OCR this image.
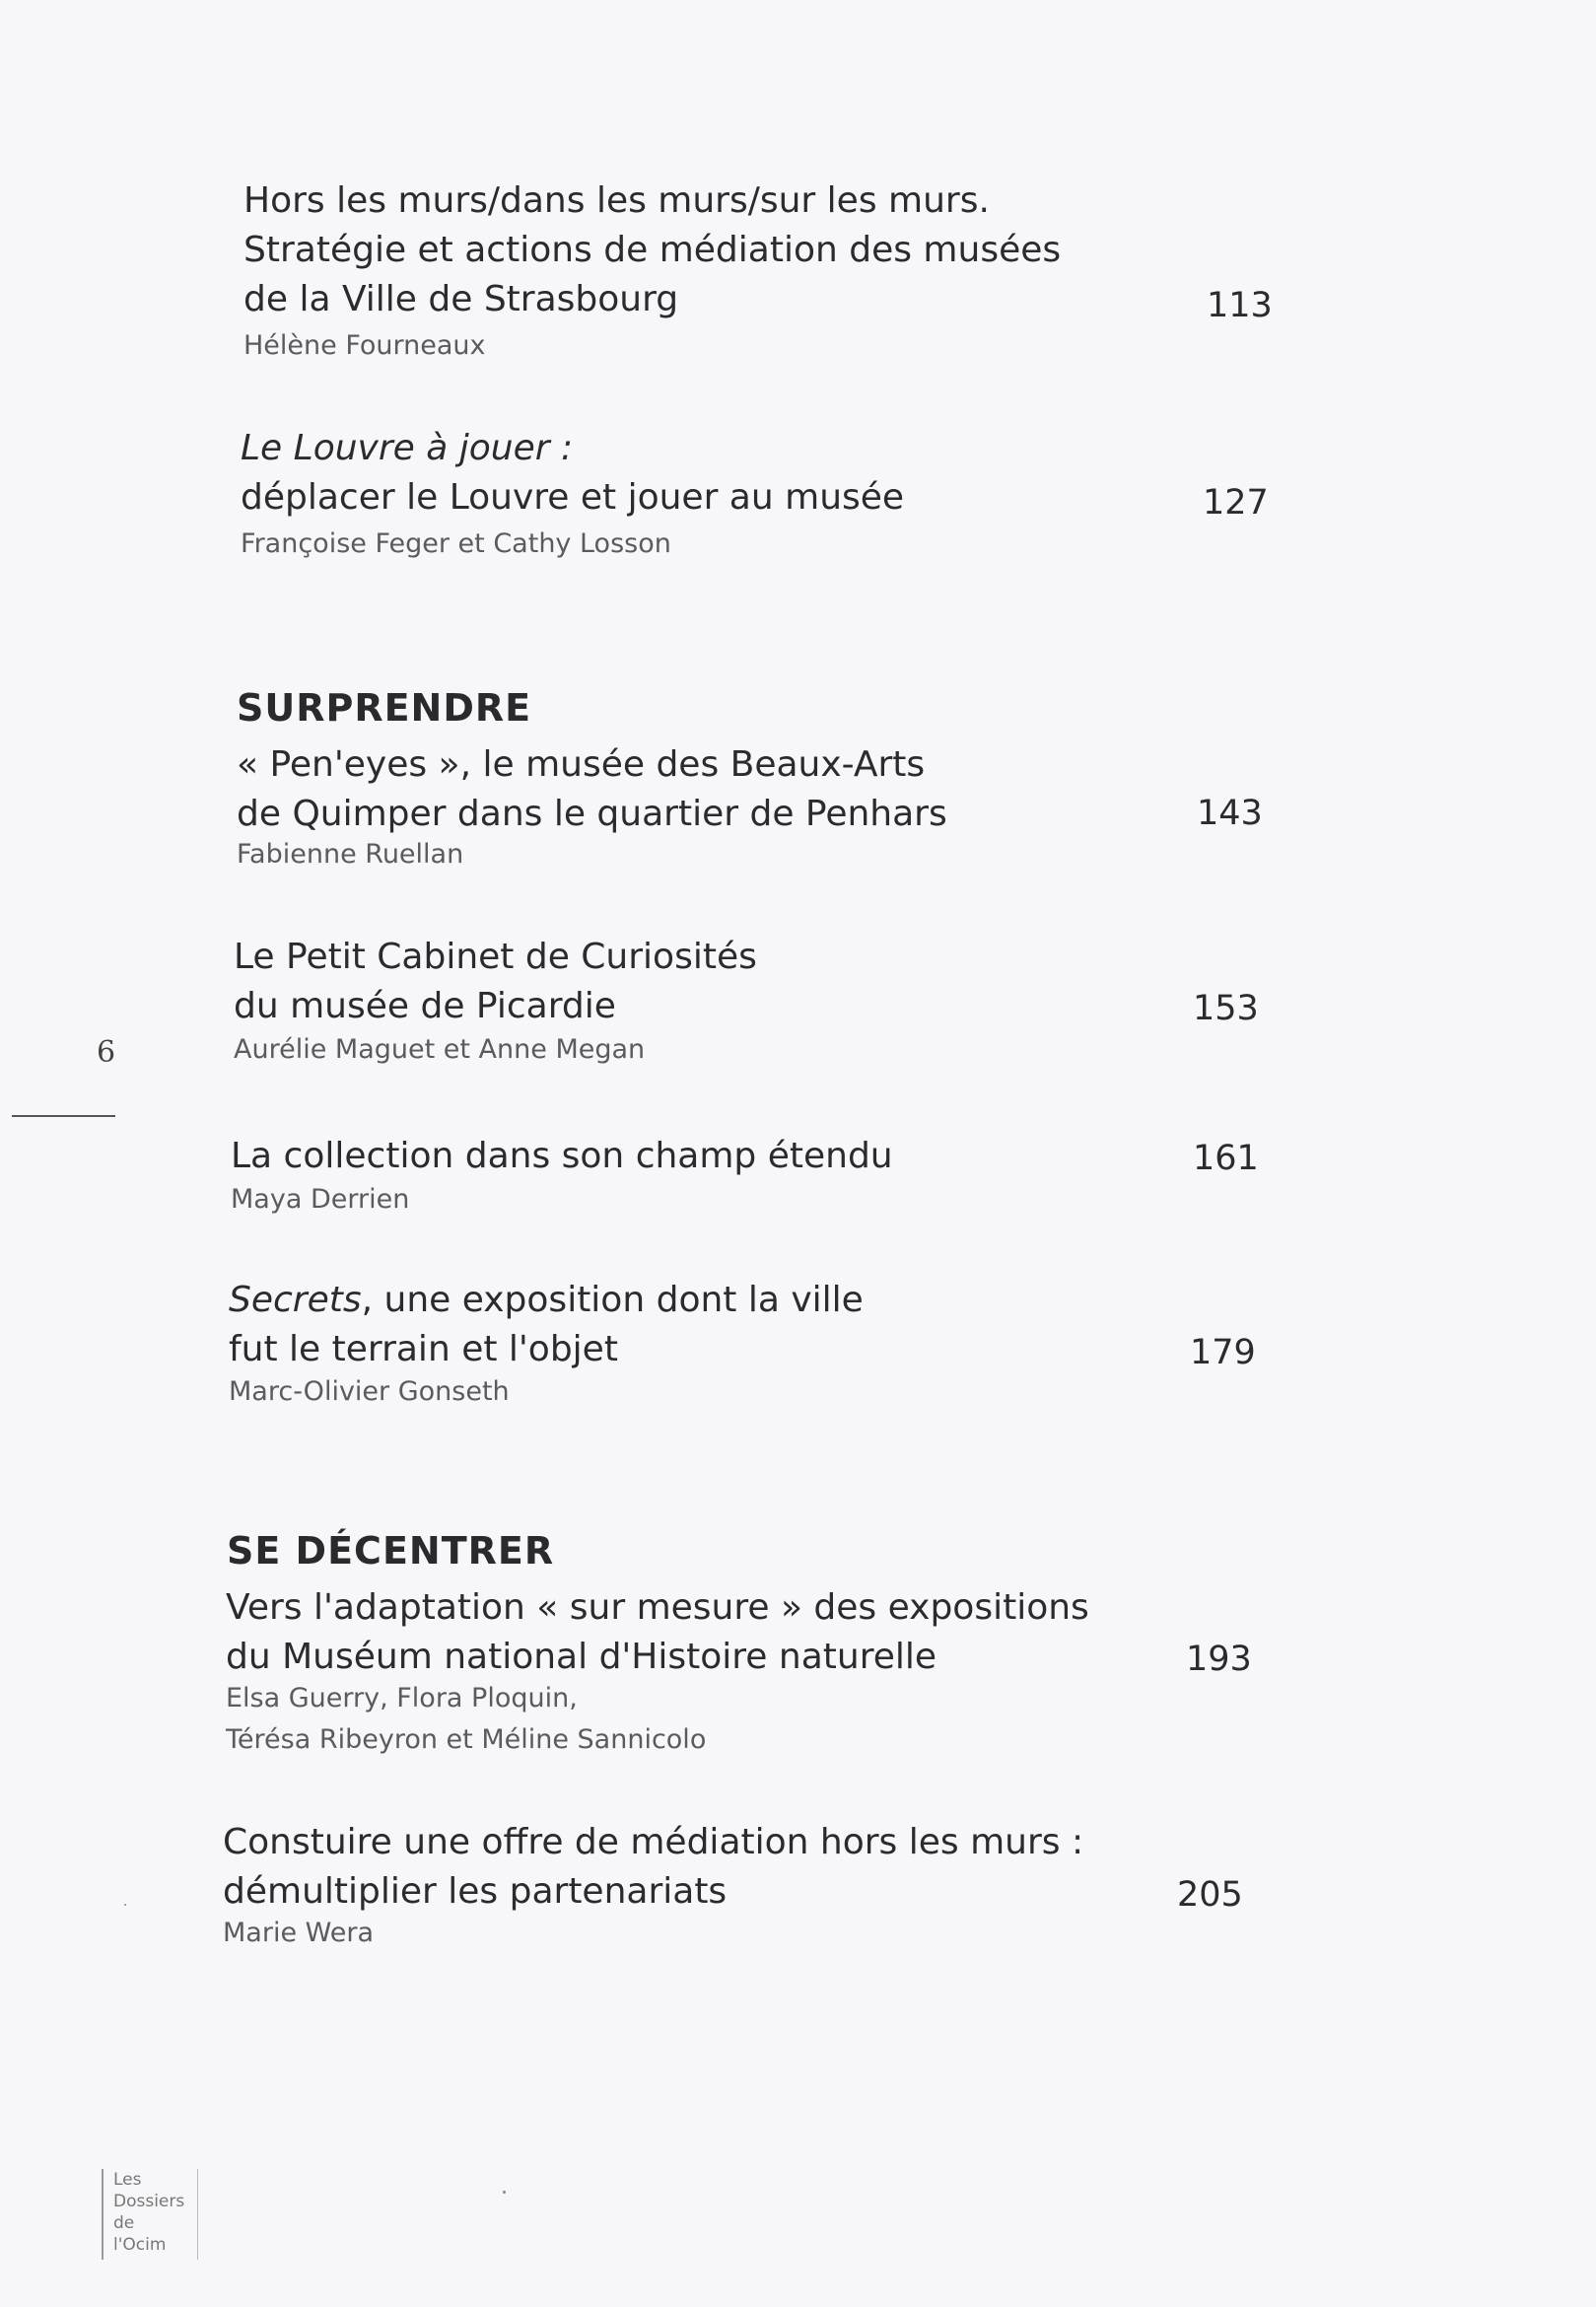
Hors les murs/dans les murs/sur les murs.
Stratégie et actions de médiation des musées
de la Ville de Strasbourg
Hélène Fourneaux
113
Le Louvre à jouer :
déplacer le Louvre et jouer au musée
Françoise Feger et Cathy Losson
127
SURPRENDRE
« Pen'eyes », le musée des Beaux-Arts
de Quimper dans le quartier de Penhars
Fabienne Ruellan
143
Le Petit Cabinet de Curiosités
du musée de Picardie
Aurélie Maguet et Anne Megan
153
La collection dans son champ étendu
Maya Derrien
161
Secrets, une exposition dont la ville
fut le terrain et l'objet
Marc-Olivier Gonseth
179
SE DÉCENTRER
Vers l'adaptation « sur mesure » des expositions
du Muséum national d'Histoire naturelle
Elsa Guerry, Flora Ploquin,
Térésa Ribeyron et Méline Sannicolo
193
Constuire une offre de médiation hors les murs :
démultiplier les partenariats
Marie Wera
205
6
Les
Dossiers
de
l'Ocim
